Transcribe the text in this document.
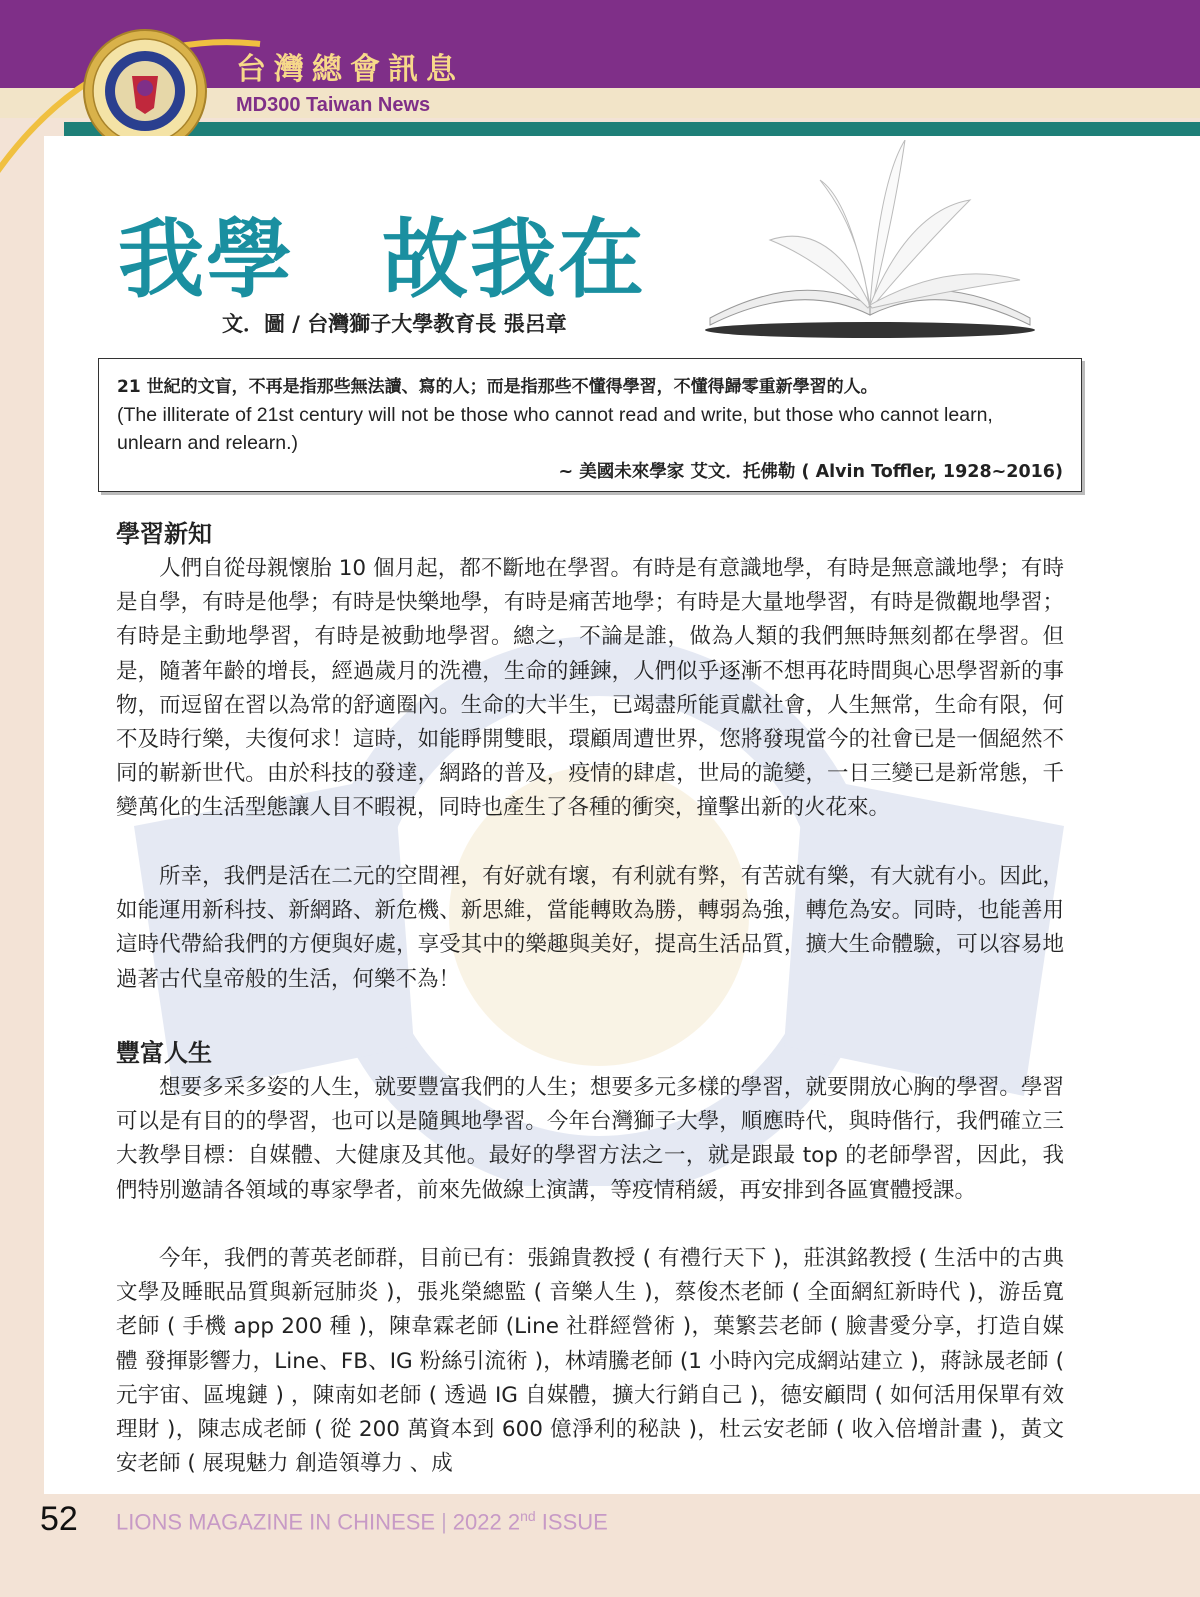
台灣總會訊息
MD300 Taiwan News
我學　故我在
文．圖 / 台灣獅子大學教育長 張呂章
21 世紀的文盲，不再是指那些無法讀、寫的人；而是指那些不懂得學習，不懂得歸零重新學習的人。
(The illiterate of 21st century will not be those who cannot read and write, but those who cannot learn, unlearn and relearn.)
~ 美國未來學家 艾文．托佛勒 ( Alvin Toffler, 1928~2016)
學習新知
人們自從母親懷胎 10 個月起，都不斷地在學習。有時是有意識地學，有時是無意識地學；有時是自學，有時是他學；有時是快樂地學，有時是痛苦地學；有時是大量地學習，有時是微觀地學習；有時是主動地學習，有時是被動地學習。總之，不論是誰，做為人類的我們無時無刻都在學習。但是，隨著年齡的增長，經過歲月的洗禮，生命的錘鍊，人們似乎逐漸不想再花時間與心思學習新的事物，而逗留在習以為常的舒適圈內。生命的大半生，已竭盡所能貢獻社會，人生無常，生命有限，何不及時行樂，夫復何求！這時，如能睜開雙眼，環顧周遭世界，您將發現當今的社會已是一個絕然不同的嶄新世代。由於科技的發達，網路的普及，疫情的肆虐，世局的詭變，一日三變已是新常態，千變萬化的生活型態讓人目不暇視，同時也產生了各種的衝突，撞擊出新的火花來。
所幸，我們是活在二元的空間裡，有好就有壞，有利就有弊，有苦就有樂，有大就有小。因此，如能運用新科技、新網路、新危機、新思維，當能轉敗為勝，轉弱為強，轉危為安。同時，也能善用這時代帶給我們的方便與好處，享受其中的樂趣與美好，提高生活品質，擴大生命體驗，可以容易地過著古代皇帝般的生活，何樂不為！
豐富人生
想要多采多姿的人生，就要豐富我們的人生；想要多元多樣的學習，就要開放心胸的學習。學習可以是有目的的學習，也可以是隨興地學習。今年台灣獅子大學，順應時代，與時偕行，我們確立三大教學目標：自媒體、大健康及其他。最好的學習方法之一，就是跟最 top 的老師學習，因此，我們特別邀請各領域的專家學者，前來先做線上演講，等疫情稍緩，再安排到各區實體授課。
今年，我們的菁英老師群，目前已有：張錦貴教授 ( 有禮行天下 )，莊淇銘教授 ( 生活中的古典文學及睡眠品質與新冠肺炎 )，張兆榮總監 ( 音樂人生 )，蔡俊杰老師 ( 全面網紅新時代 )，游岳寬老師 ( 手機 app 200 種 )，陳韋霖老師 (Line 社群經營術 )，葉繁芸老師 ( 臉書愛分享，打造自媒體 發揮影響力，Line、FB、IG 粉絲引流術 )，林靖騰老師 (1 小時內完成網站建立 )，蔣詠晟老師 ( 元宇宙、區塊鏈 ) ，陳南如老師 ( 透過 IG 自媒體，擴大行銷自己 )，德安顧問 ( 如何活用保單有效理財 )，陳志成老師 ( 從 200 萬資本到 600 億淨利的秘訣 )，杜云安老師 ( 收入倍增計畫 )，黃文安老師 ( 展現魅力 創造領導力 、成
52 LIONS MAGAZINE IN CHINESE | 2022 2nd ISSUE
